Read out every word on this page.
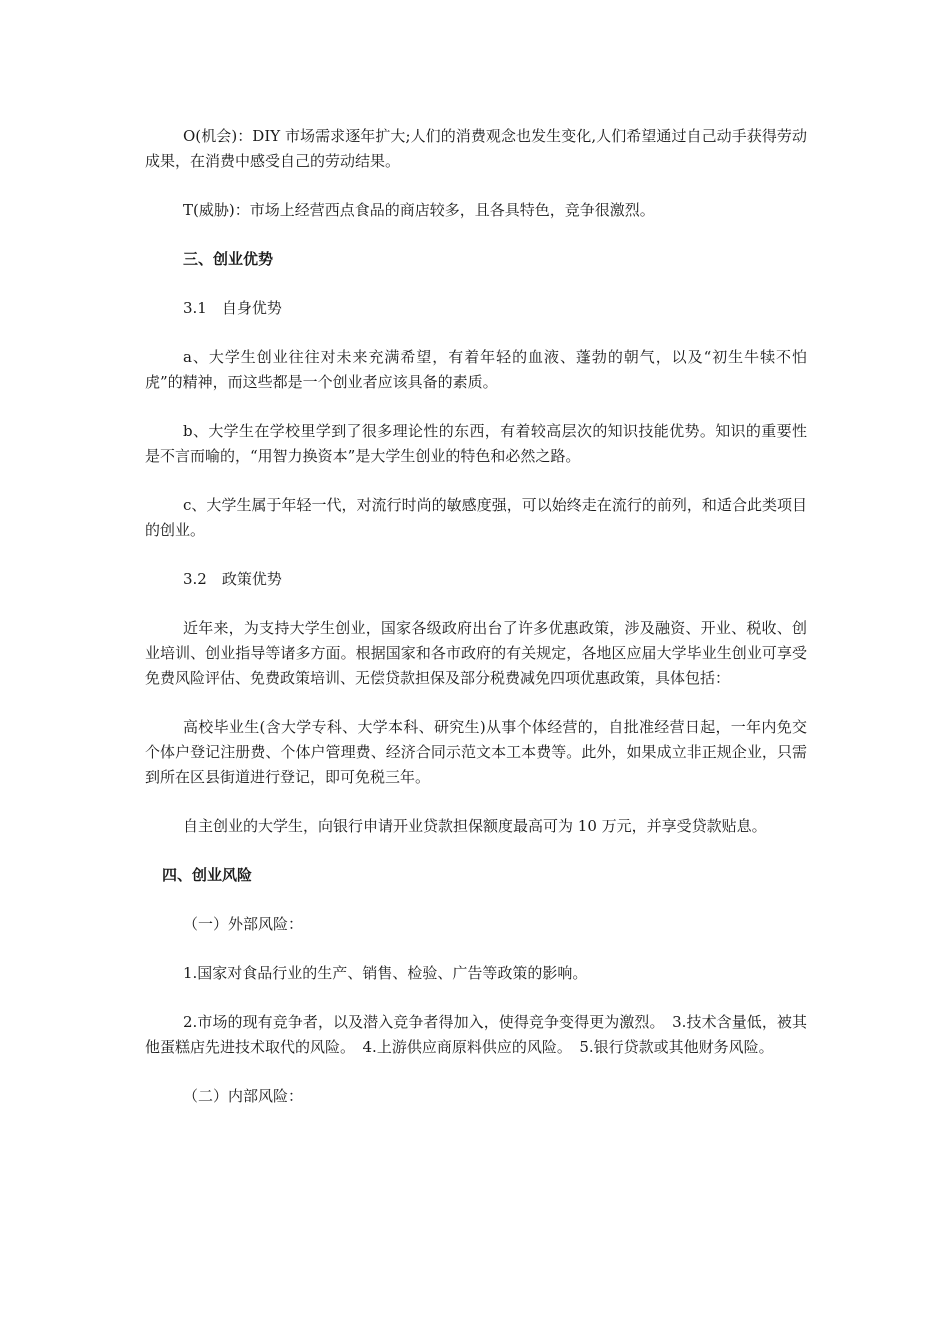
O(机会)：DIY 市场需求逐年扩大;人们的消费观念也发生变化,人们希望通过自己动手获得劳动成果，在消费中感受自己的劳动结果。

T(威胁)：市场上经营西点食品的商店较多，且各具特色，竞争很激烈。

三、创业优势

3.1　自身优势

a、大学生创业往往对未来充满希望，有着年轻的血液、蓬勃的朝气，以及“初生牛犊不怕虎”的精神，而这些都是一个创业者应该具备的素质。

b、大学生在学校里学到了很多理论性的东西，有着较高层次的知识技能优势。知识的重要性是不言而喻的，“用智力换资本”是大学生创业的特色和必然之路。

c、大学生属于年轻一代，对流行时尚的敏感度强，可以始终走在流行的前列，和适合此类项目的创业。

3.2　政策优势

近年来，为支持大学生创业，国家各级政府出台了许多优惠政策，涉及融资、开业、税收、创业培训、创业指导等诸多方面。根据国家和各市政府的有关规定，各地区应届大学毕业生创业可享受免费风险评估、免费政策培训、无偿贷款担保及部分税费减免四项优惠政策，具体包括：

高校毕业生(含大学专科、大学本科、研究生)从事个体经营的，自批准经营日起，一年内免交个体户登记注册费、个体户管理费、经济合同示范文本工本费等。此外，如果成立非正规企业，只需到所在区县街道进行登记，即可免税三年。

自主创业的大学生，向银行申请开业贷款担保额度最高可为 10 万元，并享受贷款贴息。

四、创业风险

（一）外部风险：

1.国家对食品行业的生产、销售、检验、广告等政策的影响。

2.市场的现有竞争者，以及潜入竞争者得加入，使得竞争变得更为激烈。　3.技术含量低，被其他蛋糕店先进技术取代的风险。　4.上游供应商原料供应的风险。　5.银行贷款或其他财务风险。

（二）内部风险：
